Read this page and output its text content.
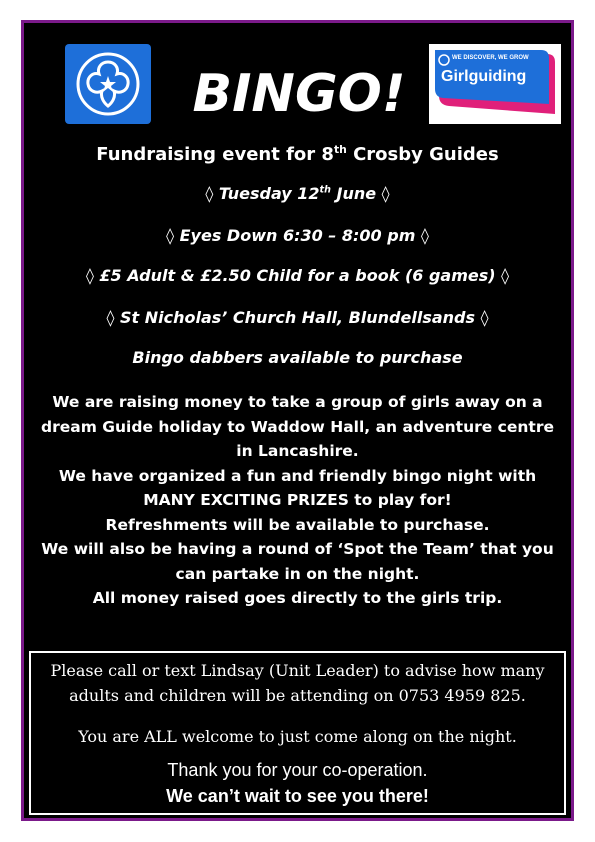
BINGO!
WE DISCOVER, WE GROW
Girlguiding
Fundraising event for 8th Crosby Guides
◊ Tuesday 12th June ◊
◊ Eyes Down 6:30 – 8:00 pm ◊
◊ £5 Adult & £2.50 Child for a book (6 games) ◊
◊ St Nicholas’ Church Hall, Blundellsands ◊
Bingo dabbers available to purchase
We are raising money to take a group of girls away on a dream Guide holiday to Waddow Hall, an adventure centre in Lancashire.
We have organized a fun and friendly bingo night with MANY EXCITING PRIZES to play for!
Refreshments will be available to purchase.
We will also be having a round of ‘Spot the Team’ that you can partake in on the night.
All money raised goes directly to the girls trip.
Please call or text Lindsay (Unit Leader) to advise how many adults and children will be attending on 0753 4959 825.
You are ALL welcome to just come along on the night.
Thank you for your co-operation.
We can’t wait to see you there!
